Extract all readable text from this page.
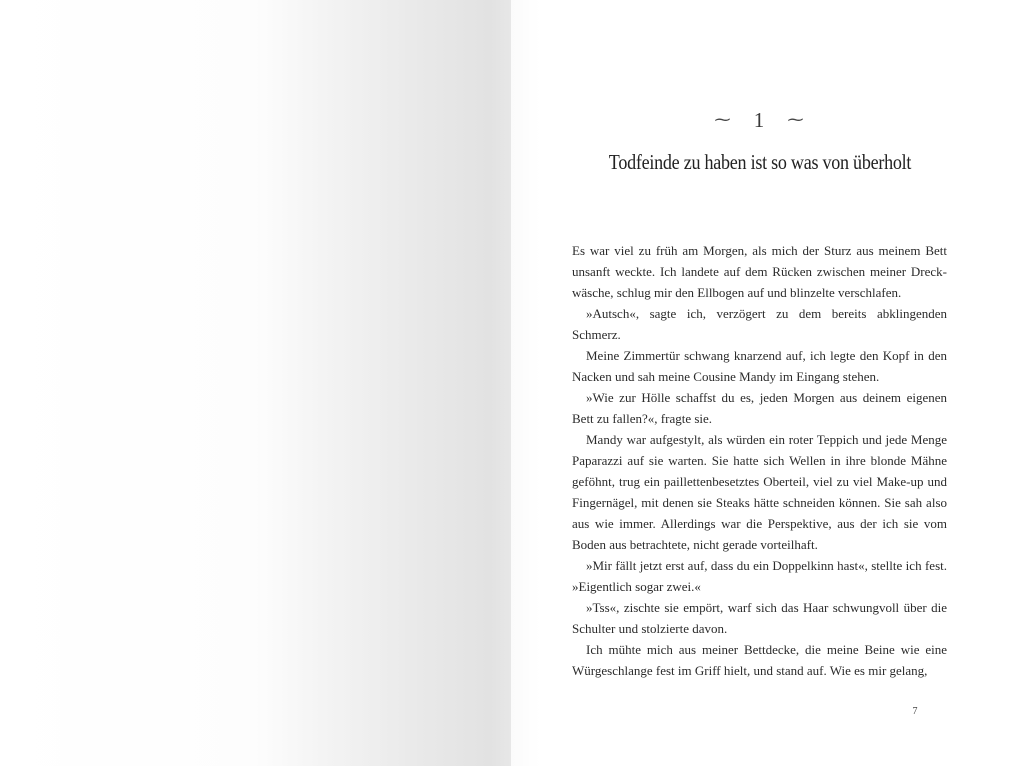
⁓ 1 ⁓
Todfeinde zu haben ist so was von überholt

Es war viel zu früh am Morgen, als mich der Sturz aus meinem Bett unsanft weckte. Ich landete auf dem Rücken zwischen meiner Dreckwäsche, schlug mir den Ellbogen auf und blinzelte verschlafen.

»Autsch«, sagte ich, verzögert zu dem bereits abklingenden Schmerz.

Meine Zimmertür schwang knarzend auf, ich legte den Kopf in den Nacken und sah meine Cousine Mandy im Eingang stehen.

»Wie zur Hölle schaffst du es, jeden Morgen aus deinem eigenen Bett zu fallen?«, fragte sie.

Mandy war aufgestylt, als würden ein roter Teppich und jede Menge Paparazzi auf sie warten. Sie hatte sich Wellen in ihre blonde Mähne geföhnt, trug ein paillettenbesetztes Oberteil, viel zu viel Make-up und Fingernägel, mit denen sie Steaks hätte schneiden können. Sie sah also aus wie immer. Allerdings war die Perspektive, aus der ich sie vom Boden aus betrachtete, nicht gerade vorteilhaft.

»Mir fällt jetzt erst auf, dass du ein Doppelkinn hast«, stellte ich fest. »Eigentlich sogar zwei.«

»Tss«, zischte sie empört, warf sich das Haar schwungvoll über die Schulter und stolzierte davon.

Ich mühte mich aus meiner Bettdecke, die meine Beine wie eine Würgeschlange fest im Griff hielt, und stand auf. Wie es mir gelang,

7
